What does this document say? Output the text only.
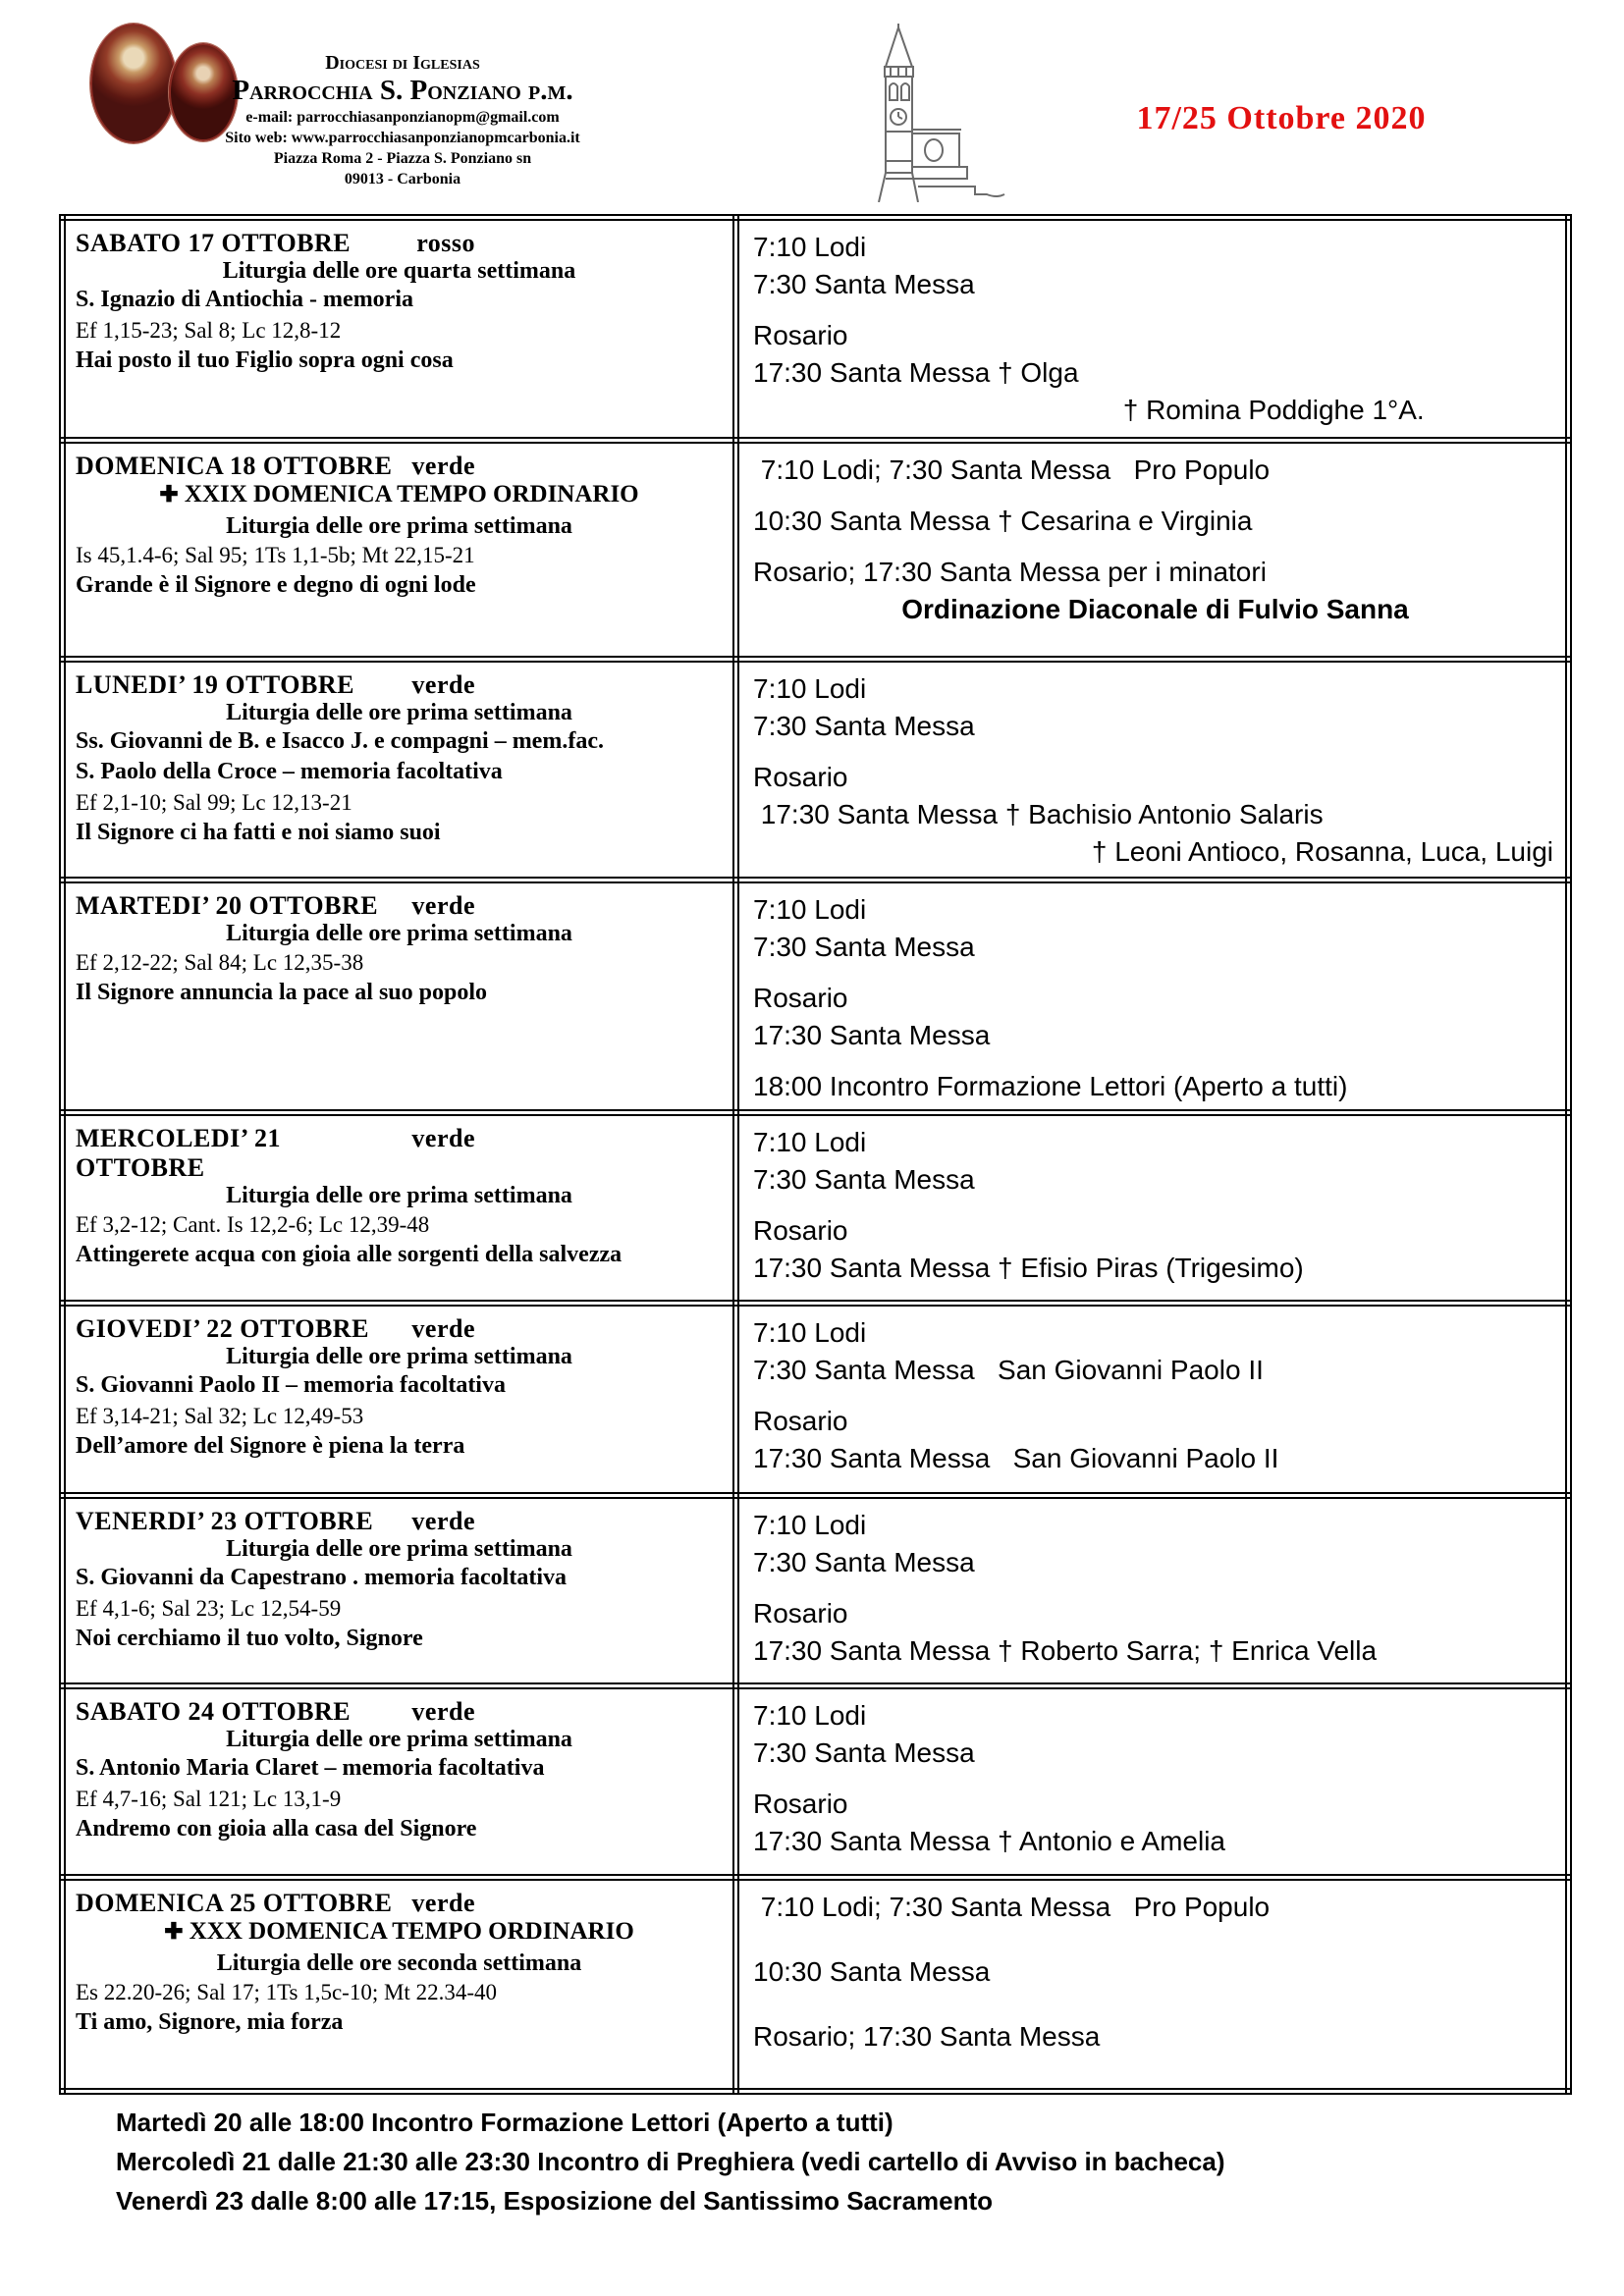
Diocesi di Iglesias
Parrocchia S. Ponziano p.m.
e-mail: parrocchiasanponzianopm@gmail.com
Sito web: www.parrocchiasanponzianopmcarbonia.it
Piazza Roma 2 - Piazza S. Ponziano sn
09013 - Carbonia
17/25 Ottobre 2020
SABATO 17 OTTOBRE	rosso
Liturgia delle ore quarta settimana
S. Ignazio di Antiochia - memoria
Ef 1,15-23; Sal 8; Lc 12,8-12
Hai posto il tuo Figlio sopra ogni cosa

7:10 Lodi
7:30 Santa Messa
Rosario
17:30 Santa Messa † Olga
† Romina Poddighe 1°A.

DOMENICA 18 OTTOBRE verde
✚ XXIX DOMENICA TEMPO ORDINARIO
Liturgia delle ore prima settimana
Is 45,1.4-6; Sal 95; 1Ts 1,1-5b; Mt 22,15-21
Grande è il Signore e degno di ogni lode

7:10 Lodi; 7:30 Santa Messa   Pro Populo
10:30 Santa Messa † Cesarina e Virginia
Rosario; 17:30 Santa Messa per i minatori
Ordinazione Diaconale di Fulvio Sanna

LUNEDI’ 19 OTTOBRE verde
Liturgia delle ore prima settimana
Ss. Giovanni de B. e Isacco J. e compagni – mem.fac.
S. Paolo della Croce – memoria facoltativa
Ef 2,1-10; Sal 99; Lc 12,13-21
Il Signore ci ha fatti e noi siamo suoi

7:10 Lodi
7:30 Santa Messa
Rosario
17:30 Santa Messa † Bachisio Antonio Salaris
† Leoni Antioco, Rosanna, Luca, Luigi

MARTEDI’ 20 OTTOBRE verde
Liturgia delle ore prima settimana
Ef 2,12-22; Sal 84; Lc 12,35-38
Il Signore annuncia la pace al suo popolo

7:10 Lodi
7:30 Santa Messa
Rosario
17:30 Santa Messa
18:00 Incontro Formazione Lettori (Aperto a tutti)

MERCOLEDI’ 21 OTTOBRE
verde
Liturgia delle ore prima settimana
Ef 3,2-12; Cant. Is 12,2-6; Lc 12,39-48
Attingerete acqua con gioia alle sorgenti della salvezza

7:10 Lodi
7:30 Santa Messa
Rosario
17:30 Santa Messa † Efisio Piras (Trigesimo)

GIOVEDI’ 22 OTTOBRE verde
Liturgia delle ore prima settimana
S. Giovanni Paolo II – memoria facoltativa
Ef 3,14-21; Sal 32; Lc 12,49-53
Dell’amore del Signore è piena la terra

7:10 Lodi
7:30 Santa Messa   San Giovanni Paolo II
Rosario
17:30 Santa Messa   San Giovanni Paolo II

VENERDI’ 23 OTTOBRE verde
Liturgia delle ore prima settimana
S. Giovanni da Capestrano . memoria facoltativa
Ef 4,1-6; Sal 23; Lc 12,54-59
Noi cerchiamo il tuo volto, Signore

7:10 Lodi
7:30 Santa Messa
Rosario
17:30 Santa Messa † Roberto Sarra; † Enrica Vella

SABATO 24 OTTOBRE verde
Liturgia delle ore prima settimana
S. Antonio Maria Claret – memoria facoltativa
Ef 4,7-16; Sal 121; Lc 13,1-9
Andremo con gioia alla casa del Signore

7:10 Lodi
7:30 Santa Messa
Rosario
17:30 Santa Messa † Antonio e Amelia

DOMENICA 25 OTTOBRE verde
✚ XXX DOMENICA TEMPO ORDINARIO
Liturgia delle ore seconda settimana
Es 22.20-26; Sal 17; 1Ts 1,5c-10; Mt 22.34-40
Ti amo, Signore, mia forza

7:10 Lodi; 7:30 Santa Messa   Pro Populo
10:30 Santa Messa
Rosario; 17:30 Santa Messa
Martedì 20 alle 18:00 Incontro Formazione Lettori (Aperto a tutti)
Mercoledì 21 dalle 21:30 alle 23:30 Incontro di Preghiera (vedi cartello di Avviso in bacheca)
Venerdì 23 dalle 8:00 alle 17:15, Esposizione del Santissimo Sacramento
